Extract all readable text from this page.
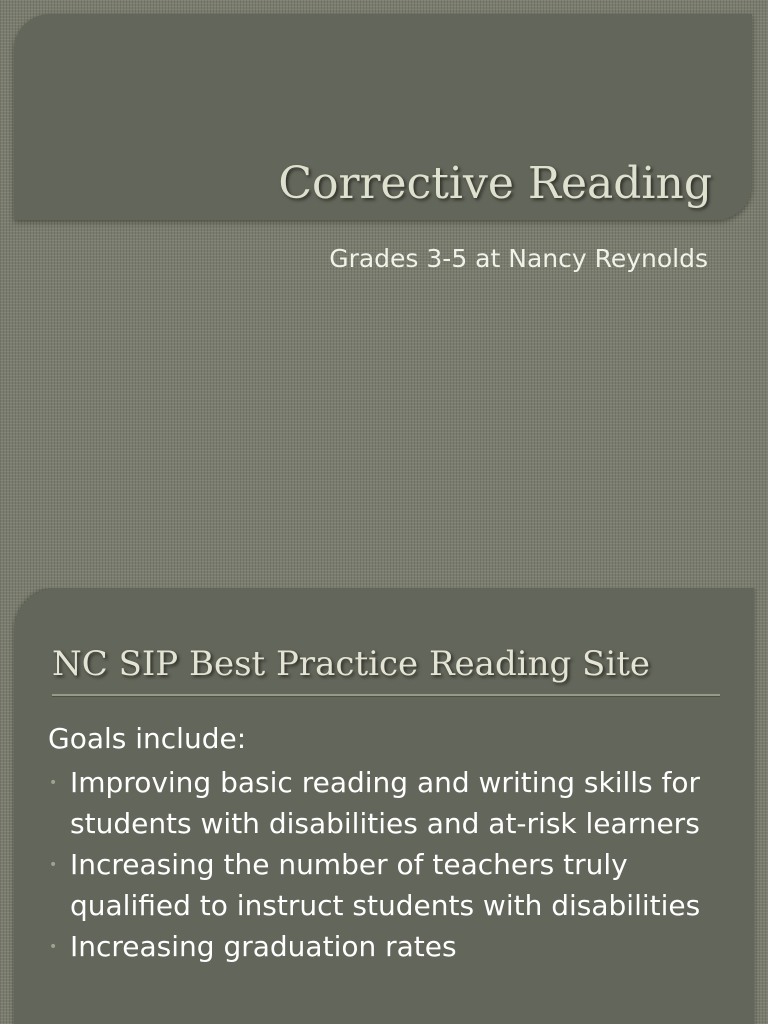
Corrective Reading

Grades 3-5 at Nancy Reynolds

NC SIP Best Practice Reading Site

Goals include:

• Improving basic reading and writing skills for students with disabilities and at-risk learners
• Increasing the number of teachers truly qualified to instruct students with disabilities
• Increasing graduation rates
